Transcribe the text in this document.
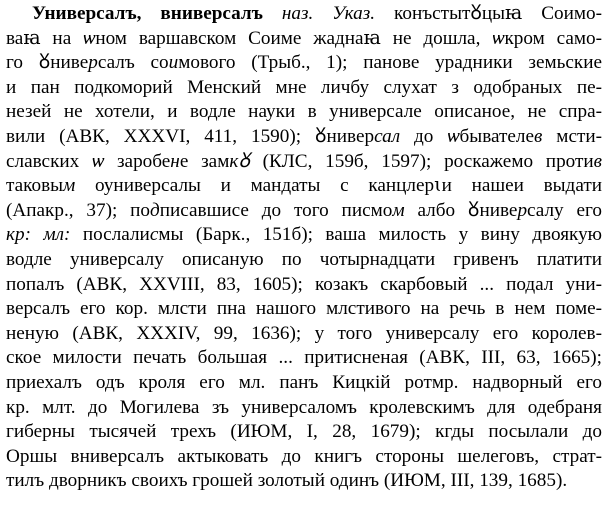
Универсалъ, вниверсалъ наз. Указ. конъстытᲈцыꙗ Соимо-
ваꙗ на ѡном варшавском Соиме жаднаꙗ не дошла, ѡкром само-
го ᲈниверсалъ соимового (Трыб., 1); панове урадники земьские
и пан подкоморий Менский мне личбу слухат з одобраных пе-
незей не хотели, и водле науки в универсале описаное, не спра-
вили (АВК, XXXVI, 411, 1590); ᲈниверсал до ѡбывателев мсти-
славских ѡ заробене замкᲈ (КЛС, 159б, 1597); роскажемо против
таковым оуниверсалы и мандаты с канцлерꙇи нашеи выдати
(Апакр., 37); подписавшисе до того писмом албо ᲈниверсалу его
кр: мл: послалисмы (Барк., 151б); ваша милость у вину двоякую
водле универсалу описаную по чотырнадцати гривенъ платити
попалъ (АВК, XXVIII, 83, 1605); козакъ скарбовый ... подал уни-
версалъ его кор. млсти пна нашого млстивого на речь в нем поме-
неную (АВК, XXXIV, 99, 1636); у того универсалу его королев-
ское милости печать большая ... притисненая (АВК, III, 63, 1665);
приехалъ одъ кроля его мл. панъ Кицкій ротмр. надворный его
кр. млт. до Могилева зъ универсаломъ кролевскимъ для одебраня
гиберны тысячей трехъ (ИЮМ, I, 28, 1679); кгды посылали до
Оршы вниверсалъ актыковать до книгъ стороны шелеговъ, страт-
тилъ дворникъ своихъ грошей золотый одинъ (ИЮМ, III, 139, 1685).
